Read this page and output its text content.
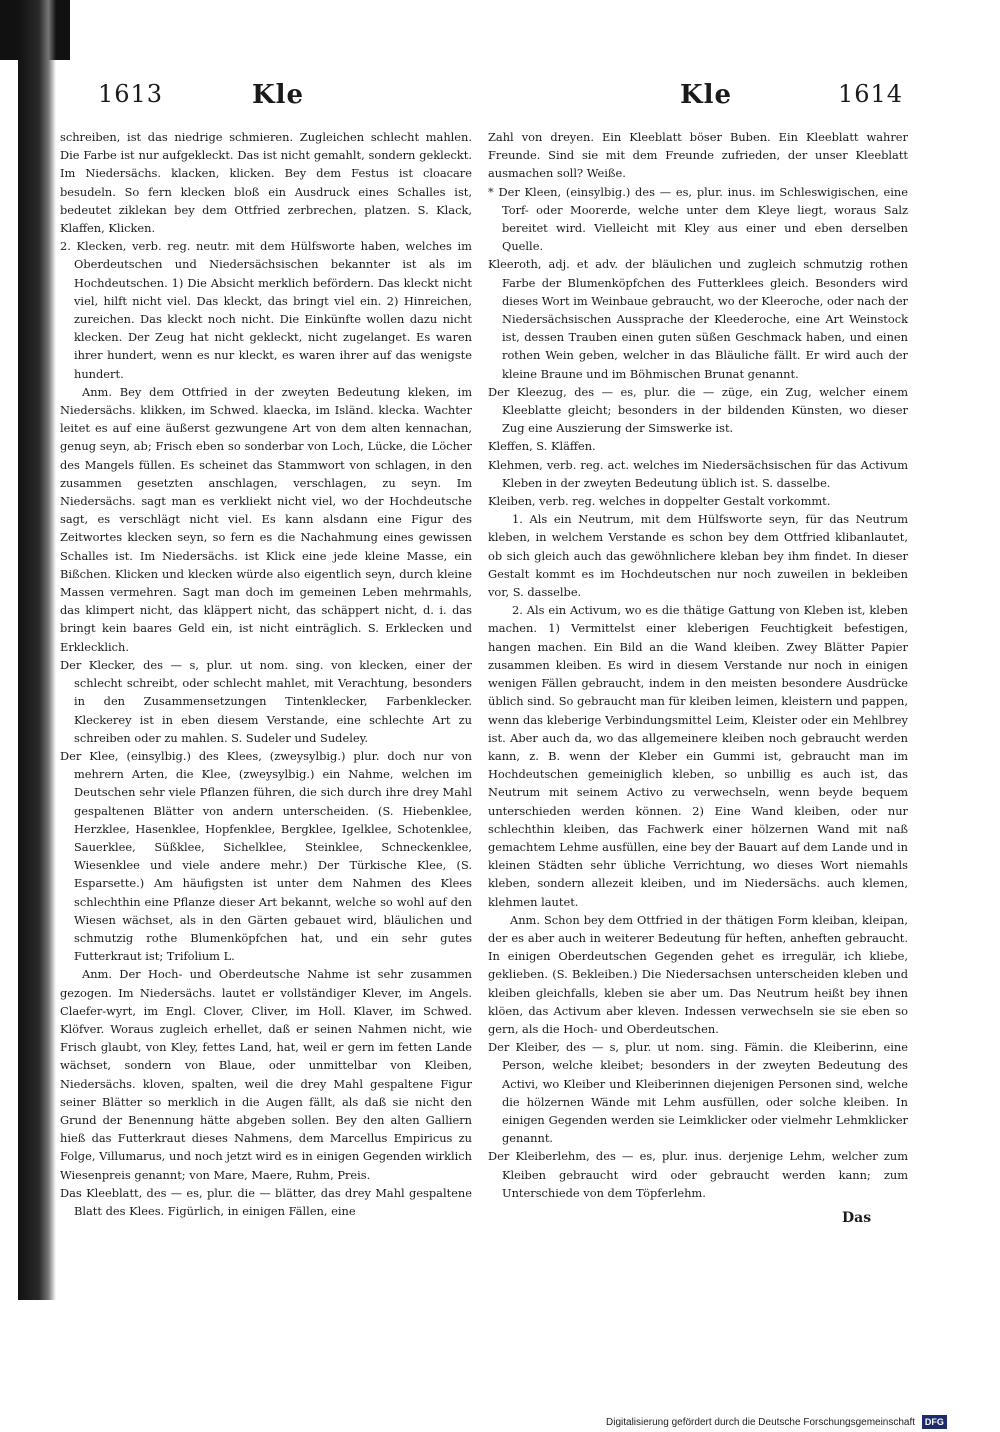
1613	Kle	Kle	1614

schreiben, ist das niedrige schmieren. Zugleichen schlecht mahlen. Die Farbe ist nur aufgekleckt. Das ist nicht gemahlt, sondern gekleckt. Im Niedersächs. klacken, klicken. Bey dem Festus ist cloacare besudeln. So fern klecken bloß ein Ausdruck eines Schalles ist, bedeutet ziklekan bey dem Ottfried zerbrechen, platzen. S. Klack, Klaffen, Klicken.

2. Klecken, verb. reg. neutr. mit dem Hülfsworte haben, welches im Oberdeutschen und Niedersächsischen bekannter ist als im Hochdeutschen. 1) Die Absicht merklich befördern. Das kleckt nicht viel, hilft nicht viel. Das kleckt, das bringt viel ein. 2) Hinreichen, zureichen. Das kleckt noch nicht. Die Einkünfte wollen dazu nicht klecken. Der Zeug hat nicht gekleckt, nicht zugelanget. Es waren ihrer hundert, wenn es nur kleckt, es waren ihrer auf das wenigste hundert.

Anm. Bey dem Ottfried in der zweyten Bedeutung kleken, im Niedersächs. klikken, im Schwed. klaecka, im Isländ. klecka. Wachter leitet es auf eine äußerst gezwungene Art von dem alten kennachan, genug seyn, ab; Frisch eben so sonderbar von Loch, Lücke, die Löcher des Mangels füllen. Es scheinet das Stammwort von schlagen, in den zusammen gesetzten anschlagen, verschlagen, zu seyn. Im Niedersächs. sagt man es verkliekt nicht viel, wo der Hochdeutsche sagt, es verschlägt nicht viel. Es kann alsdann eine Figur des Zeitwortes klecken seyn, so fern es die Nachahmung eines gewissen Schalles ist. Im Niedersächs. ist Klick eine jede kleine Masse, ein Bißchen. Klicken und klecken würde also eigentlich seyn, durch kleine Massen vermehren. Sagt man doch im gemeinen Leben mehrmahls, das klimpert nicht, das kläppert nicht, das schäppert nicht, d. i. das bringt kein baares Geld ein, ist nicht einträglich. S. Erklecken und Erklecklich.

Der Klecker, des — s, plur. ut nom. sing. von klecken, einer der schlecht schreibt, oder schlecht mahlet, mit Verachtung, besonders in den Zusammensetzungen Tintenklecker, Farbenklecker. Kleckerey ist in eben diesem Verstande, eine schlechte Art zu schreiben oder zu mahlen. S. Sudeler und Sudeley.

Der Klee, (einsylbig.) des Klees, (zweysylbig.) plur. doch nur von mehrern Arten, die Klee, (zweysylbig.) ein Nahme, welchen im Deutschen sehr viele Pflanzen führen, die sich durch ihre drey Mahl gespaltenen Blätter von andern unterscheiden. (S. Hiebenklee, Herzklee, Hasenklee, Hopfenklee, Bergklee, Igelklee, Schotenklee, Sauerklee, Süßklee, Sichelklee, Steinklee, Schneckenklee, Wiesenklee und viele andere mehr.) Der Türkische Klee, (S. Esparsette.) Am häufigsten ist unter dem Nahmen des Klees schlechthin eine Pflanze dieser Art bekannt, welche so wohl auf den Wiesen wächset, als in den Gärten gebauet wird, bläulichen und schmutzig rothe Blumenköpfchen hat, und ein sehr gutes Futterkraut ist; Trifolium L.

Anm. Der Hoch- und Oberdeutsche Nahme ist sehr zusammen gezogen. Im Niedersächs. lautet er vollständiger Klever, im Angels. Claefer-wyrt, im Engl. Clover, Cliver, im Holl. Klaver, im Schwed. Klöfver. Woraus zugleich erhellet, daß er seinen Nahmen nicht, wie Frisch glaubt, von Kley, fettes Land, hat, weil er gern im fetten Lande wächset, sondern von Blaue, oder unmittelbar von Kleiben, Niedersächs. kloven, spalten, weil die drey Mahl gespaltene Figur seiner Blätter so merklich in die Augen fällt, als daß sie nicht den Grund der Benennung hätte abgeben sollen. Bey den alten Galliern hieß das Futterkraut dieses Nahmens, dem Marcellus Empiricus zu Folge, Villumarus, und noch jetzt wird es in einigen Gegenden wirklich Wiesenpreis genannt; von Mare, Maere, Ruhm, Preis.

Das Kleeblatt, des — es, plur. die — blätter, das drey Mahl gespaltene Blatt des Klees. Figürlich, in einigen Fällen, eine

Zahl von dreyen. Ein Kleeblatt böser Buben. Ein Kleeblatt wahrer Freunde. Sind sie mit dem Freunde zufrieden, der unser Kleeblatt ausmachen soll? Weiße.

* Der Kleen, (einsylbig.) des — es, plur. inus. im Schleswigischen, eine Torf- oder Moorerde, welche unter dem Kleye liegt, woraus Salz bereitet wird. Vielleicht mit Kley aus einer und eben derselben Quelle.

Kleeroth, adj. et adv. der bläulichen und zugleich schmutzig rothen Farbe der Blumenköpfchen des Futterklees gleich. Besonders wird dieses Wort im Weinbaue gebraucht, wo der Kleeroche, oder nach der Niedersächsischen Aussprache der Kleederoche, eine Art Weinstock ist, dessen Trauben einen guten süßen Geschmack haben, und einen rothen Wein geben, welcher in das Bläuliche fällt. Er wird auch der kleine Braune und im Böhmischen Brunat genannt.

Der Kleezug, des — es, plur. die — züge, ein Zug, welcher einem Kleeblatte gleicht; besonders in der bildenden Künsten, wo dieser Zug eine Auszierung der Simswerke ist.

Kleffen, S. Kläffen.

Klehmen, verb. reg. act. welches im Niedersächsischen für das Activum Kleben in der zweyten Bedeutung üblich ist. S. dasselbe.

Kleiben, verb. reg. welches in doppelter Gestalt vorkommt.

1. Als ein Neutrum, mit dem Hülfsworte seyn, für das Neutrum kleben, in welchem Verstande es schon bey dem Ottfried klibanlautet, ob sich gleich auch das gewöhnlichere kleban bey ihm findet. In dieser Gestalt kommt es im Hochdeutschen nur noch zuweilen in bekleiben vor, S. dasselbe.

2. Als ein Activum, wo es die thätige Gattung von Kleben ist, kleben machen. 1) Vermittelst einer kleberigen Feuchtigkeit befestigen, hangen machen. Ein Bild an die Wand kleiben. Zwey Blätter Papier zusammen kleiben. Es wird in diesem Verstande nur noch in einigen wenigen Fällen gebraucht, indem in den meisten besondere Ausdrücke üblich sind. So gebraucht man für kleiben leimen, kleistern und pappen, wenn das kleberige Verbindungsmittel Leim, Kleister oder ein Mehlbrey ist. Aber auch da, wo das allgemeinere kleiben noch gebraucht werden kann, z. B. wenn der Kleber ein Gummi ist, gebraucht man im Hochdeutschen gemeiniglich kleben, so unbillig es auch ist, das Neutrum mit seinem Activo zu verwechseln, wenn beyde bequem unterschieden werden können. 2) Eine Wand kleiben, oder nur schlechthin kleiben, das Fachwerk einer hölzernen Wand mit naß gemachtem Lehme ausfüllen, eine bey der Bauart auf dem Lande und in kleinen Städten sehr übliche Verrichtung, wo dieses Wort niemahls kleben, sondern allezeit kleiben, und im Niedersächs. auch klemen, klehmen lautet.

Anm. Schon bey dem Ottfried in der thätigen Form kleiban, kleipan, der es aber auch in weiterer Bedeutung für heften, anheften gebraucht. In einigen Oberdeutschen Gegenden gehet es irregulär, ich kliebe, geklieben. (S. Bekleiben.) Die Niedersachsen unterscheiden kleben und kleiben gleichfalls, kleben sie aber um. Das Neutrum heißt bey ihnen klöen, das Activum aber kleven. Indessen verwechseln sie sie eben so gern, als die Hoch- und Oberdeutschen.

Der Kleiber, des — s, plur. ut nom. sing. Fämin. die Kleiberinn, eine Person, welche kleibet; besonders in der zweyten Bedeutung des Activi, wo Kleiber und Kleiberinnen diejenigen Personen sind, welche die hölzernen Wände mit Lehm ausfüllen, oder solche kleiben. In einigen Gegenden werden sie Leimklicker oder vielmehr Lehmklicker genannt.

Der Kleiberlehm, des — es, plur. inus. derjenige Lehm, welcher zum Kleiben gebraucht wird oder gebraucht werden kann; zum Unterschiede von dem Töpferlehm.

Das
Digitalisierung gefördert durch die Deutsche Forschungsgemeinschaft DFG
